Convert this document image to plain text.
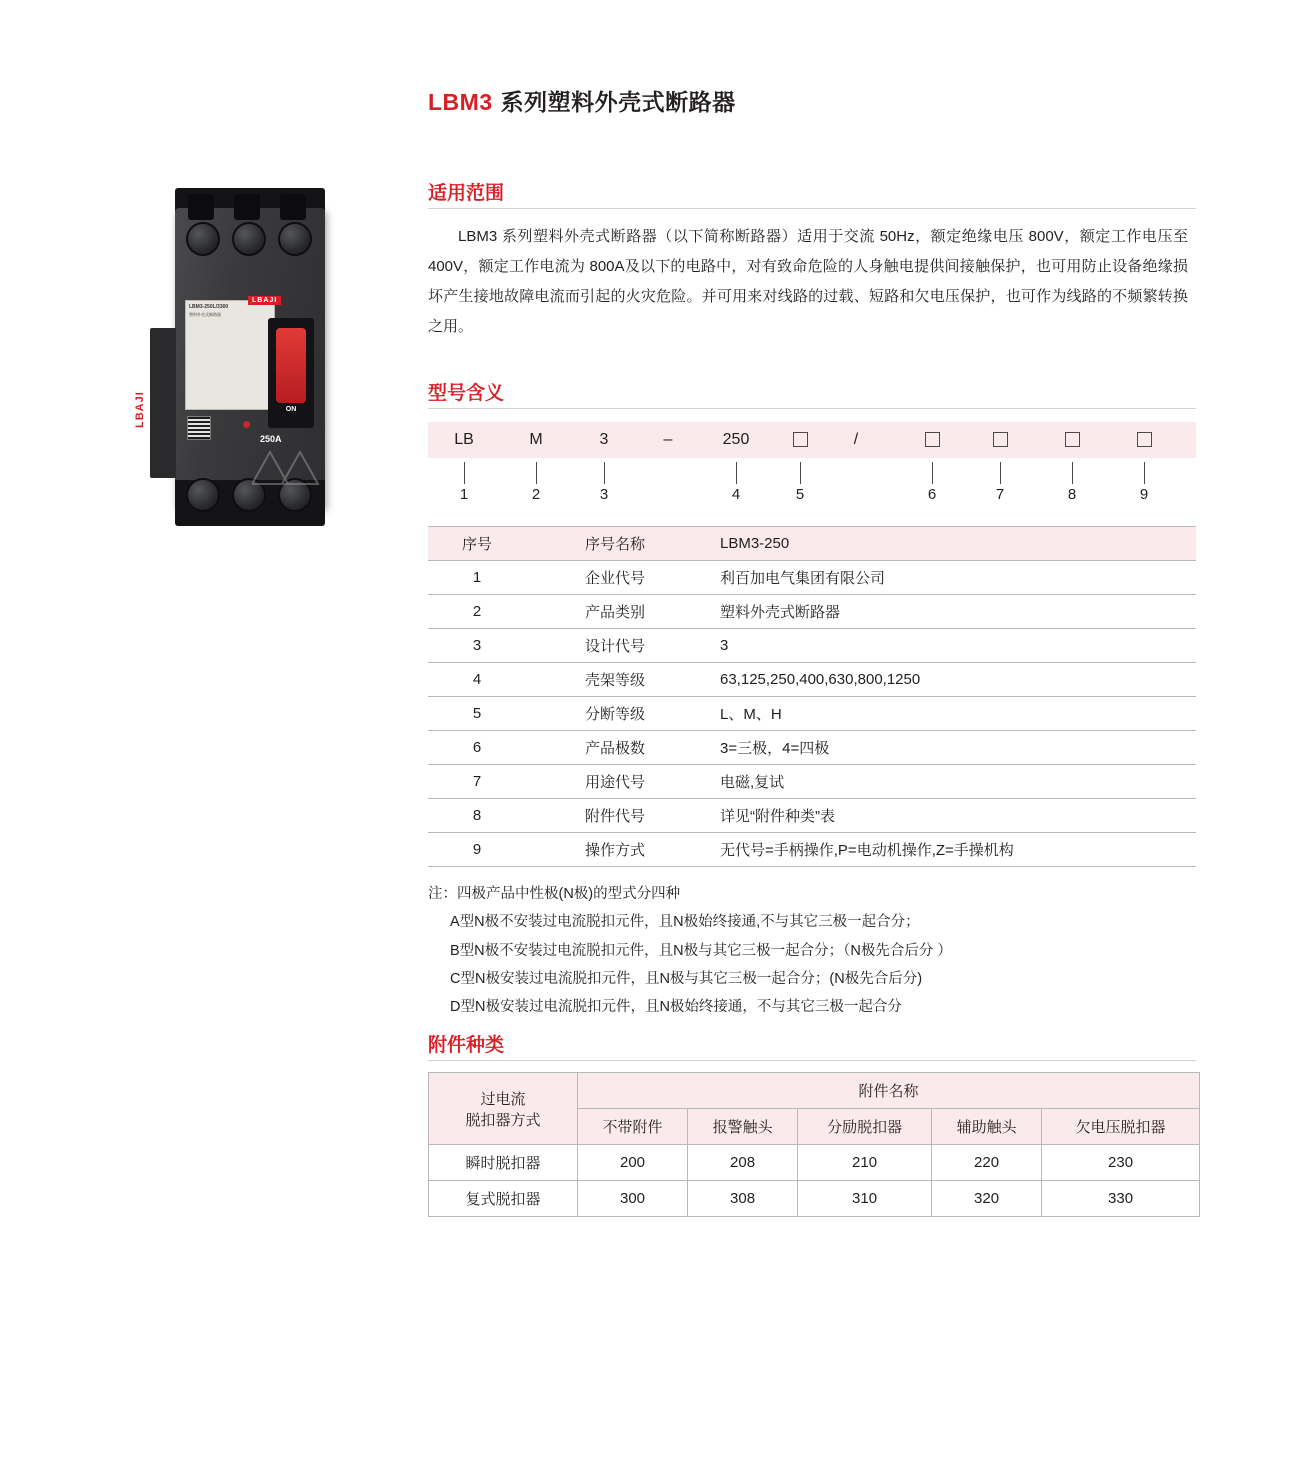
LBM3 系列塑料外壳式断路器
LBM3-250L/3300
塑料外壳式断路器
LBAJI
ON
250A
LBAJI
适用范围

LBM3 系列塑料外壳式断路器（以下简称断路器）适用于交流 50Hz，额定绝缘电压 800V，额定工作电压至 400V，额定工作电流为 800A及以下的电路中，对有致命危险的人身触电提供间接触保护，也可用防止设备绝缘损坏产生接地故障电流而引起的火灾危险。并可用来对线路的过载、短路和欠电压保护，也可作为线路的不频繁转换之用。

型号含义
LB	M	3	–	250	/
1	2	3	4	5	6	7	8	9
序号	序号名称	LBM3-250
1	企业代号	利百加电气集团有限公司
2	产品类别	塑料外壳式断路器
3	设计代号	3
4	壳架等级	63,125,250,400,630,800,1250
5	分断等级	L、M、H
6	产品极数	3=三极，4=四极
7	用途代号	电磁,复试
8	附件代号	详见“附件种类”表
9	操作方式	无代号=手柄操作,P=电动机操作,Z=手操机构
注：四极产品中性极(N极)的型式分四种
A型N极不安装过电流脱扣元件，且N极始终接通,不与其它三极一起合分；
B型N极不安装过电流脱扣元件，且N极与其它三极一起合分；（N极先合后分 ）
C型N极安装过电流脱扣元件，且N极与其它三极一起合分；(N极先合后分)
D型N极安装过电流脱扣元件，且N极始终接通，不与其它三极一起合分
附件种类
过电流
脱扣器方式	附件名称				
	不带附件	报警触头	分励脱扣器	辅助触头	欠电压脱扣器
瞬时脱扣器	200	208	210	220	230
复式脱扣器	300	308	310	320	330
